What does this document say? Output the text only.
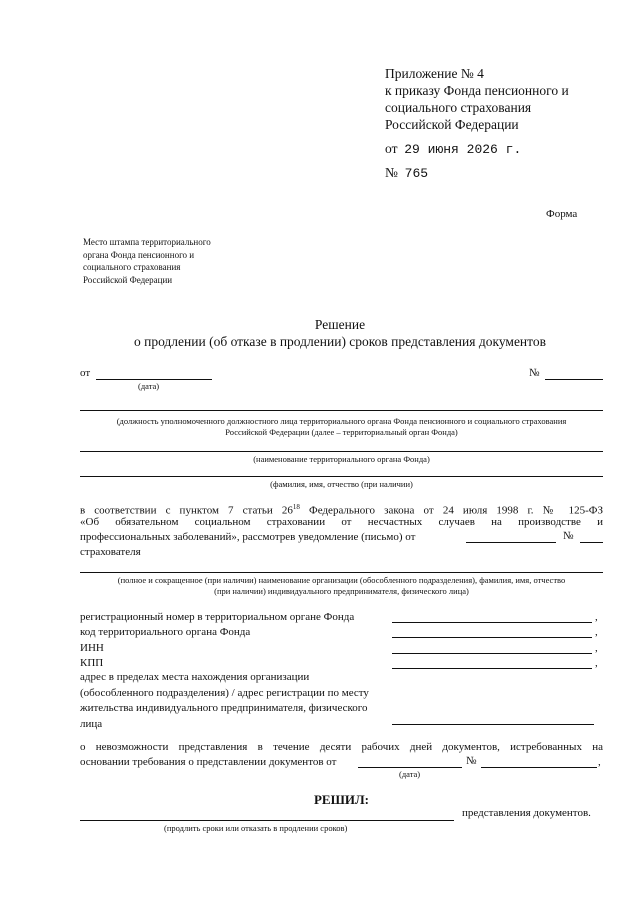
Приложение № 4
к приказу Фонда пенсионного и
социального страхования
Российской Федерации
от 29 июня 2026 г.
№ 765
Форма
Место штампа территориального
органа Фонда пенсионного и
социального страхования
Российской Федерации
Решение
о продлении (об отказе в продлении) сроков представления документов
от
(дата)
№
(должность уполномоченного должностного лица территориального органа Фонда пенсионного и социального страхования
Российской Федерации (далее – территориальный орган Фонда)
(наименование территориального органа Фонда)
(фамилия, имя, отчество (при наличии)
в соответствии с пунктом 7 статьи $26^{18}$ Федерального закона от 24 июля 1998 г. № 125-ФЗ
«Об обязательном социальном страховании от несчастных случаев на производстве и
профессиональных заболеваний», рассмотрев уведомление (письмо) от	№
страхователя
(полное и сокращенное (при наличии) наименование организации (обособленного подразделения), фамилия, имя, отчество
(при наличии) индивидуального предпринимателя, физического лица)
регистрационный номер в территориальном органе Фонда	,
код территориального органа Фонда	,
ИНН	,
КПП	,
адрес в пределах места нахождения организации
(обособленного подразделения) / адрес регистрации по месту
жительства индивидуального предпринимателя, физического
лица
о невозможности представления в течение десяти рабочих дней документов, истребованных на
основании требования о представлении документов от	№	,
(дата)
РЕШИЛ:
представления документов.
(продлить сроки или отказать в продлении сроков)
